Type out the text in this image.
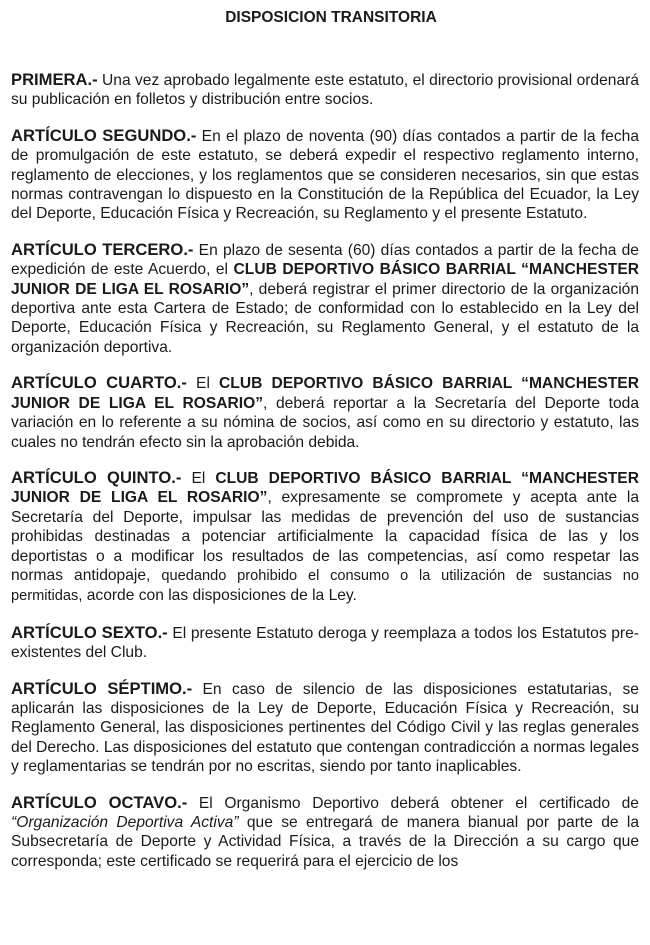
DISPOSICION TRANSITORIA

PRIMERA.- Una vez aprobado legalmente este estatuto, el directorio provisional ordenará su publicación en folletos y distribución entre socios.

ARTÍCULO SEGUNDO.- En el plazo de noventa (90) días contados a partir de la fecha de promulgación de este estatuto, se deberá expedir el respectivo reglamento interno, reglamento de elecciones, y los reglamentos que se consideren necesarios, sin que estas normas contravengan lo dispuesto en la Constitución de la República del Ecuador, la Ley del Deporte, Educación Física y Recreación, su Reglamento y el presente Estatuto.

ARTÍCULO TERCERO.- En plazo de sesenta (60) días contados a partir de la fecha de expedición de este Acuerdo, el CLUB DEPORTIVO BÁSICO BARRIAL “MANCHESTER JUNIOR DE LIGA EL ROSARIO”, deberá registrar el primer directorio de la organización deportiva ante esta Cartera de Estado; de conformidad con lo establecido en la Ley del Deporte, Educación Física y Recreación, su Reglamento General, y el estatuto de la organización deportiva.

ARTÍCULO CUARTO.- El CLUB DEPORTIVO BÁSICO BARRIAL “MANCHESTER JUNIOR DE LIGA EL ROSARIO”, deberá reportar a la Secretaría del Deporte toda variación en lo referente a su nómina de socios, así como en su directorio y estatuto, las cuales no tendrán efecto sin la aprobación debida.

ARTÍCULO QUINTO.- El CLUB DEPORTIVO BÁSICO BARRIAL “MANCHESTER JUNIOR DE LIGA EL ROSARIO”, expresamente se compromete y acepta ante la Secretaría del Deporte, impulsar las medidas de prevención del uso de sustancias prohibidas destinadas a potenciar artificialmente la capacidad física de las y los deportistas o a modificar los resultados de las competencias, así como respetar las normas antidopaje, quedando prohibido el consumo o la utilización de sustancias no permitidas, acorde con las disposiciones de la Ley.

ARTÍCULO SEXTO.- El presente Estatuto deroga y reemplaza a todos los Estatutos pre-existentes del Club.

ARTÍCULO SÉPTIMO.- En caso de silencio de las disposiciones estatutarias, se aplicarán las disposiciones de la Ley de Deporte, Educación Física y Recreación, su Reglamento General, las disposiciones pertinentes del Código Civil y las reglas generales del Derecho. Las disposiciones del estatuto que contengan contradicción a normas legales y reglamentarias se tendrán por no escritas, siendo por tanto inaplicables.

ARTÍCULO OCTAVO.- El Organismo Deportivo deberá obtener el certificado de “Organización Deportiva Activa” que se entregará de manera bianual por parte de la Subsecretaría de Deporte y Actividad Física, a través de la Dirección a su cargo que corresponda; este certificado se requerirá para el ejercicio de los
